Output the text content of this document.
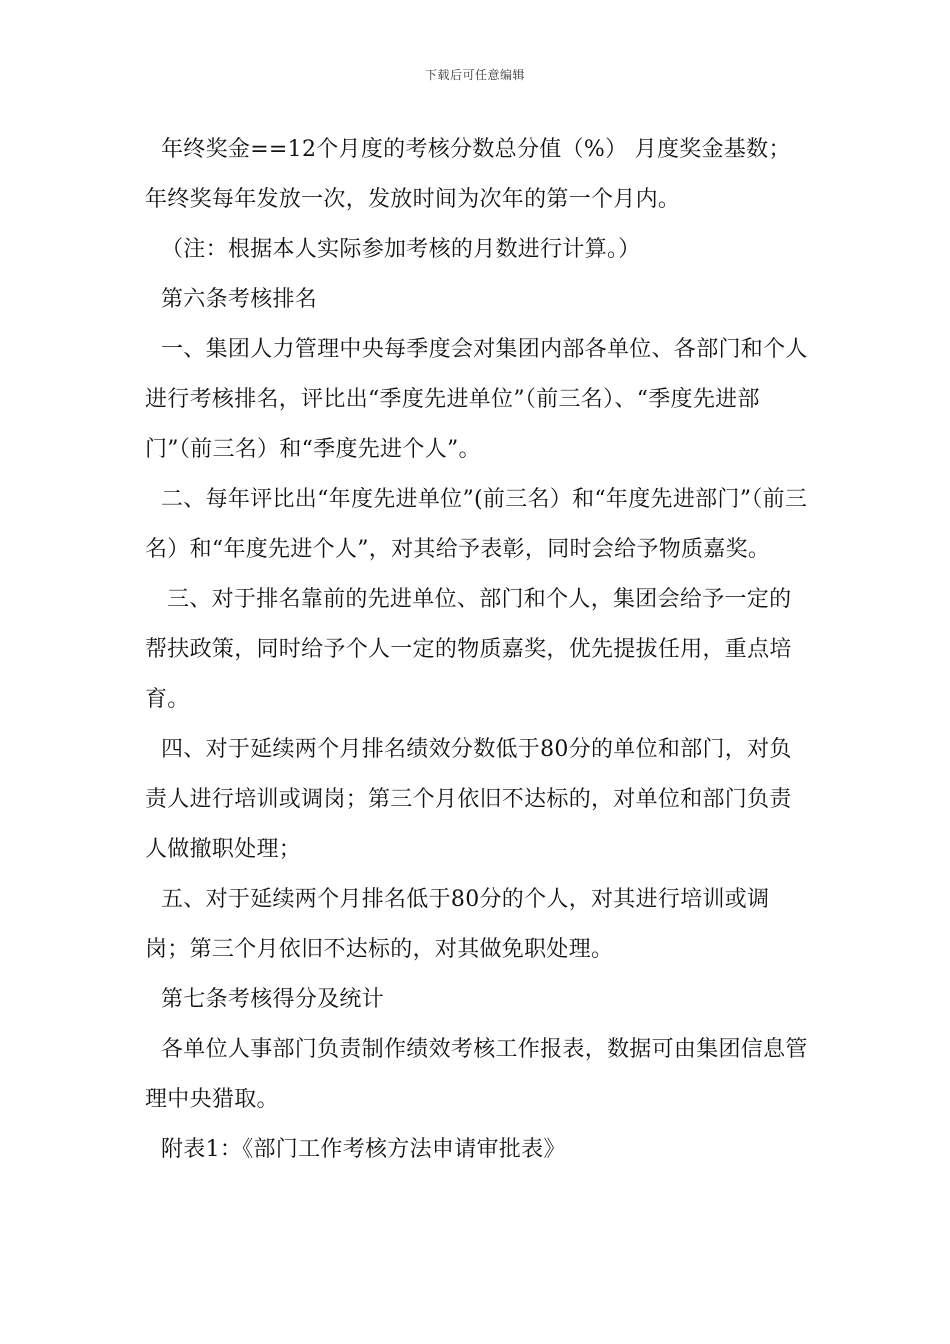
下载后可任意编辑

年终奖金==12个月度的考核分数总分值（%） 月度奖金基数；年终奖每年发放一次，发放时间为次年的第一个月内。

（注：根据本人实际参加考核的月数进行计算。）

第六条考核排名

一、集团人力管理中央每季度会对集团内部各单位、各部门和个人进行考核排名，评比出“季度先进单位”（前三名）、“季度先进部门”（前三名）和“季度先进个人”。

二、每年评比出“年度先进单位”(前三名）和“年度先进部门”（前三名）和“年度先进个人”，对其给予表彰，同时会给予物质嘉奖。

三、对于排名靠前的先进单位、部门和个人，集团会给予一定的帮扶政策，同时给予个人一定的物质嘉奖，优先提拔任用，重点培育。

四、对于延续两个月排名绩效分数低于80分的单位和部门，对负责人进行培训或调岗；第三个月依旧不达标的，对单位和部门负责人做撤职处理；

五、对于延续两个月排名低于80分的个人，对其进行培训或调岗；第三个月依旧不达标的，对其做免职处理。

第七条考核得分及统计

各单位人事部门负责制作绩效考核工作报表，数据可由集团信息管理中央猎取。

附表1：《部门工作考核方法申请审批表》
